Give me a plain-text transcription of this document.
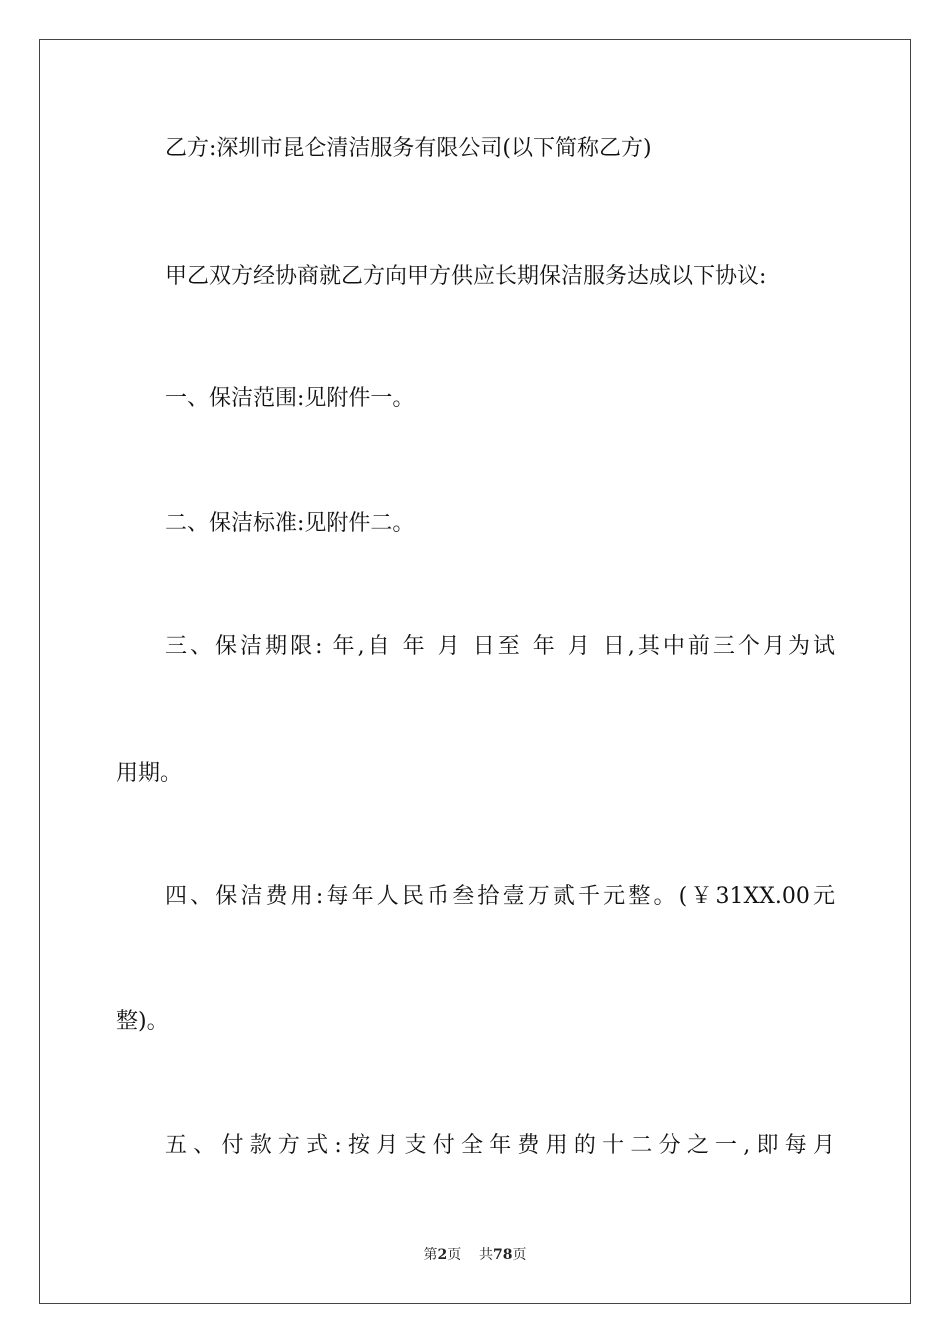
乙方:深圳市昆仑清洁服务有限公司(以下简称乙方)
甲乙双方经协商就乙方向甲方供应长期保洁服务达成以下协议:
一、保洁范围:见附件一。
二、保洁标准:见附件二。
三、保洁期限: 年,自 年 月 日至 年 月 日,其中前三个月为试
用期。
四、保洁费用:每年人民币叁拾壹万贰千元整。(￥31XX.00元
整)。
五、付款方式:按月支付全年费用的十二分之一,即每月
第2页 共78页
